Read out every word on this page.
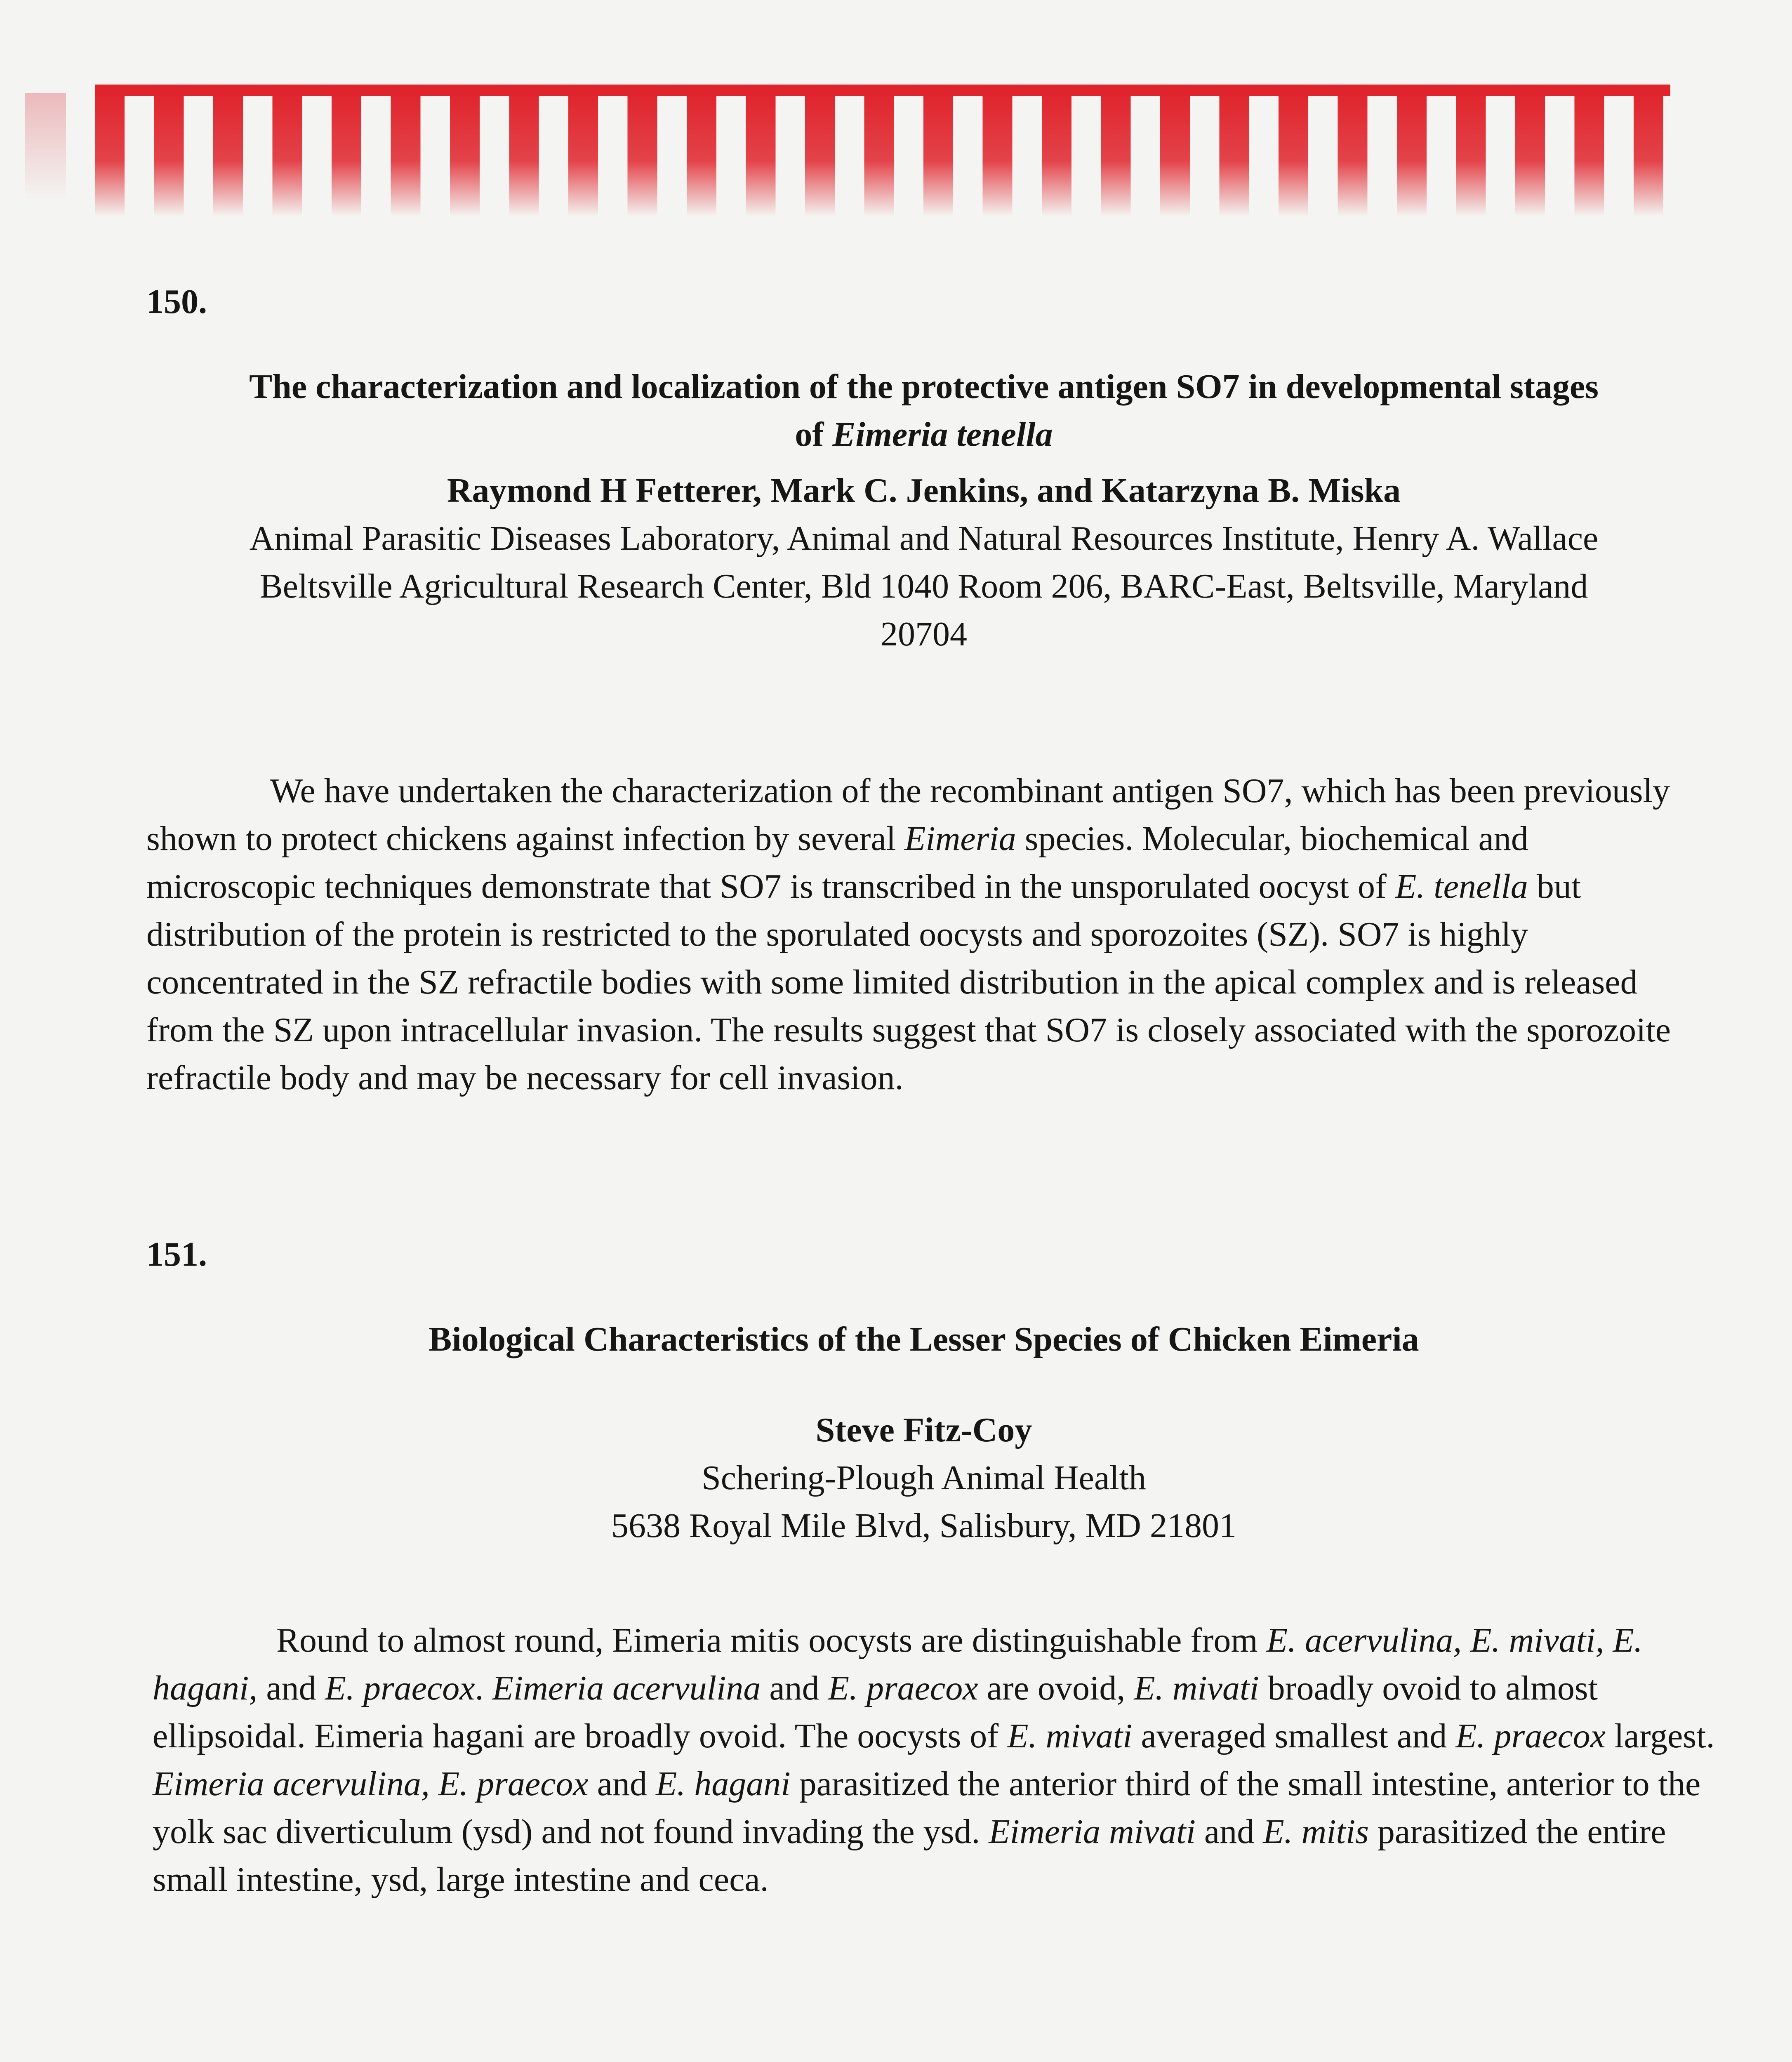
150.

The characterization and localization of the protective antigen SO7 in developmental stages
of Eimeria tenella

Raymond H Fetterer, Mark C. Jenkins, and Katarzyna B. Miska

Animal Parasitic Diseases Laboratory, Animal and Natural Resources Institute, Henry A. Wallace
Beltsville Agricultural Research Center, Bld 1040 Room 206, BARC-East, Beltsville, Maryland
20704

We have undertaken the characterization of the recombinant antigen SO7, which has been previously shown to protect chickens against infection by several Eimeria species. Molecular, biochemical and microscopic techniques demonstrate that SO7 is transcribed in the unsporulated oocyst of E. tenella but distribution of the protein is restricted to the sporulated oocysts and sporozoites (SZ). SO7 is highly concentrated in the SZ refractile bodies with some limited distribution in the apical complex and is released from the SZ upon intracellular invasion. The results suggest that SO7 is closely associated with the sporozoite refractile body and may be necessary for cell invasion.

151.

Biological Characteristics of the Lesser Species of Chicken Eimeria

Steve Fitz-Coy

Schering-Plough Animal Health
5638 Royal Mile Blvd, Salisbury, MD 21801

Round to almost round, Eimeria mitis oocysts are distinguishable from E. acervulina, E. mivati, E. hagani, and E. praecox. Eimeria acervulina and E. praecox are ovoid, E. mivati broadly ovoid to almost ellipsoidal. Eimeria hagani are broadly ovoid. The oocysts of E. mivati averaged smallest and E. praecox largest. Eimeria acervulina, E. praecox and E. hagani parasitized the anterior third of the small intestine, anterior to the yolk sac diverticulum (ysd) and not found invading the ysd. Eimeria mivati and E. mitis parasitized the entire small intestine, ysd, large intestine and ceca.
